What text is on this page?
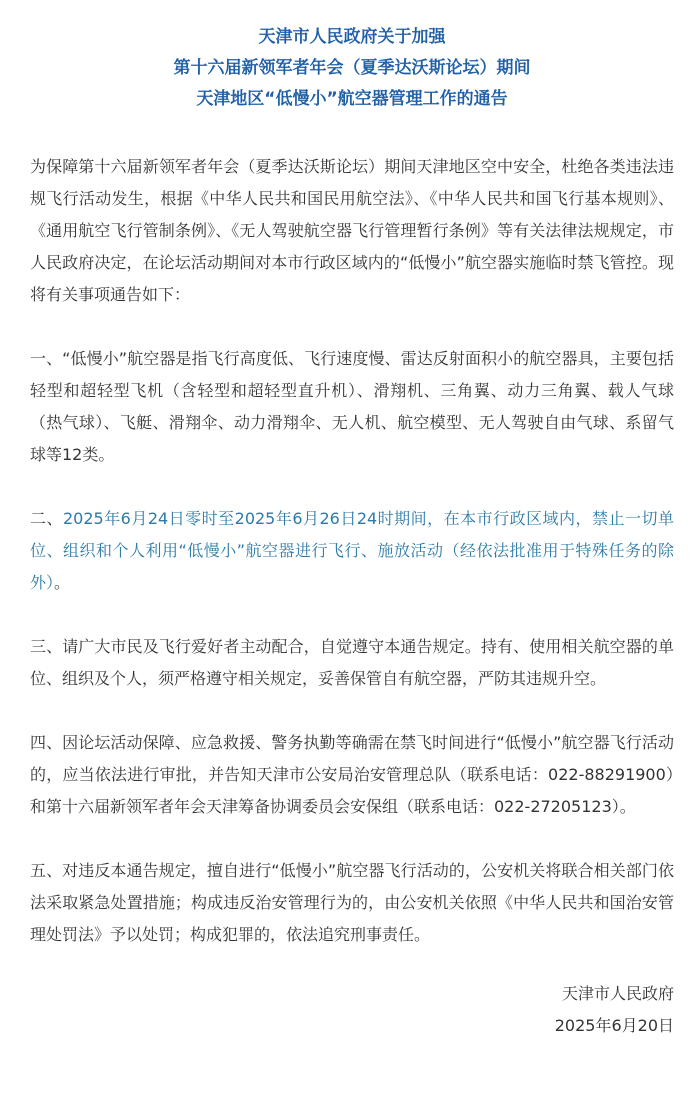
天津市人民政府关于加强
第十六届新领军者年会（夏季达沃斯论坛）期间
天津地区“低慢小”航空器管理工作的通告

为保障第十六届新领军者年会（夏季达沃斯论坛）期间天津地区空中安全，杜绝各类违法违规飞行活动发生，根据《中华人民共和国民用航空法》、《中华人民共和国飞行基本规则》、《通用航空飞行管制条例》、《无人驾驶航空器飞行管理暂行条例》等有关法律法规规定，市人民政府决定，在论坛活动期间对本市行政区域内的“低慢小”航空器实施临时禁飞管控。现将有关事项通告如下：

一、“低慢小”航空器是指飞行高度低、飞行速度慢、雷达反射面积小的航空器具，主要包括轻型和超轻型飞机（含轻型和超轻型直升机）、滑翔机、三角翼、动力三角翼、载人气球（热气球）、飞艇、滑翔伞、动力滑翔伞、无人机、航空模型、无人驾驶自由气球、系留气球等12类。

二、2025年6月24日零时至2025年6月26日24时期间，在本市行政区域内，禁止一切单位、组织和个人利用“低慢小”航空器进行飞行、施放活动（经依法批准用于特殊任务的除外）。

三、请广大市民及飞行爱好者主动配合，自觉遵守本通告规定。持有、使用相关航空器的单位、组织及个人，须严格遵守相关规定，妥善保管自有航空器，严防其违规升空。

四、因论坛活动保障、应急救援、警务执勤等确需在禁飞时间进行“低慢小”航空器飞行活动的，应当依法进行审批，并告知天津市公安局治安管理总队（联系电话：022-88291900）和第十六届新领军者年会天津筹备协调委员会安保组（联系电话：022-27205123）。

五、对违反本通告规定，擅自进行“低慢小”航空器飞行活动的，公安机关将联合相关部门依法采取紧急处置措施；构成违反治安管理行为的，由公安机关依照《中华人民共和国治安管理处罚法》予以处罚；构成犯罪的，依法追究刑事责任。

天津市人民政府
2025年6月20日
